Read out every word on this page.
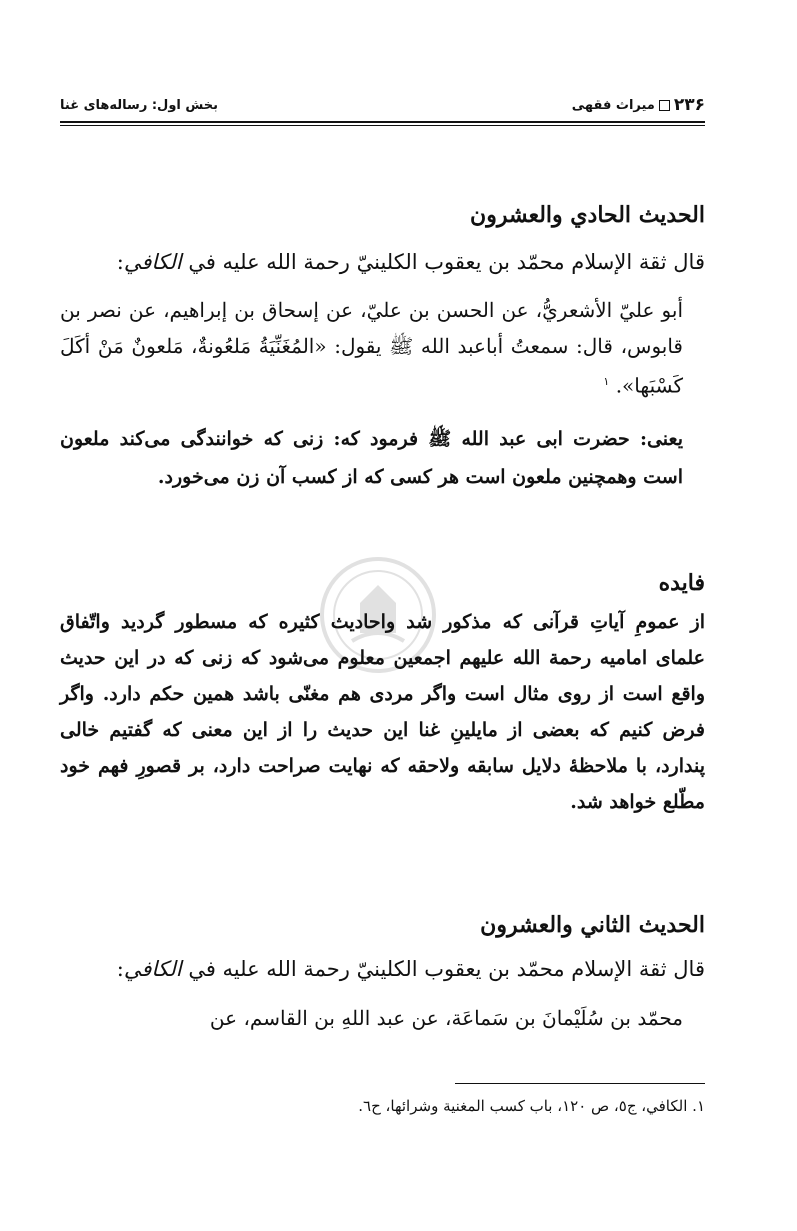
بخش اول: رسالەهای غنا	۲۳۶
میراث فقهی
الحديث الحادي والعشرون
قال ثقة الإسلام محمّد بن يعقوب الكلينيّ رحمة الله عليه في الكافي:
أبو عليّ الأشعريُّ، عن الحسن بن عليّ، عن إسحاق بن إبراهيم، عن نصر بن قابوس، قال: سمعتُ أباعبد الله ﷺ يقول: «المُغَنِّيَةُ مَلعُونةٌ، مَلعونٌ مَنْ أكَلَ كَسْبَها». $^١$
یعنی: حضرت ابی عبد الله ﷺ فرمود که: زنی که خوانندگی می‌کند ملعون است وهمچنین ملعون است هر کسی که از کسب آن زن می‌خورد.
فایده
از عمومِ آیاتِ قرآنی که مذکور شد واحادیث کثیره که مسطور گردید واتّفاق علمای امامیه رحمة الله علیهم اجمعین معلوم می‌شود که زنی که در این حدیث واقع است از روی مثال است واگر مردی هم مغنّی باشد همین حکم دارد. واگر فرض کنیم که بعضی از مایلینِ غنا این حدیث را از این معنی که گفتیم خالی پندارد، با ملاحظهٔ دلایل سابقه ولاحقه که نهایت صراحت دارد، بر قصورِ فهم خود مطّلع خواهد شد.
الحديث الثاني والعشرون
قال ثقة الإسلام محمّد بن يعقوب الكلينيّ رحمة الله عليه في الكافي:
محمّد بن سُلَيْمانَ بن سَماعَة، عن عبد اللهِ بن القاسم، عن
١. الكافي، ج٥، ص ١٢٠، باب كسب المغنية وشرائها، ح٦.
